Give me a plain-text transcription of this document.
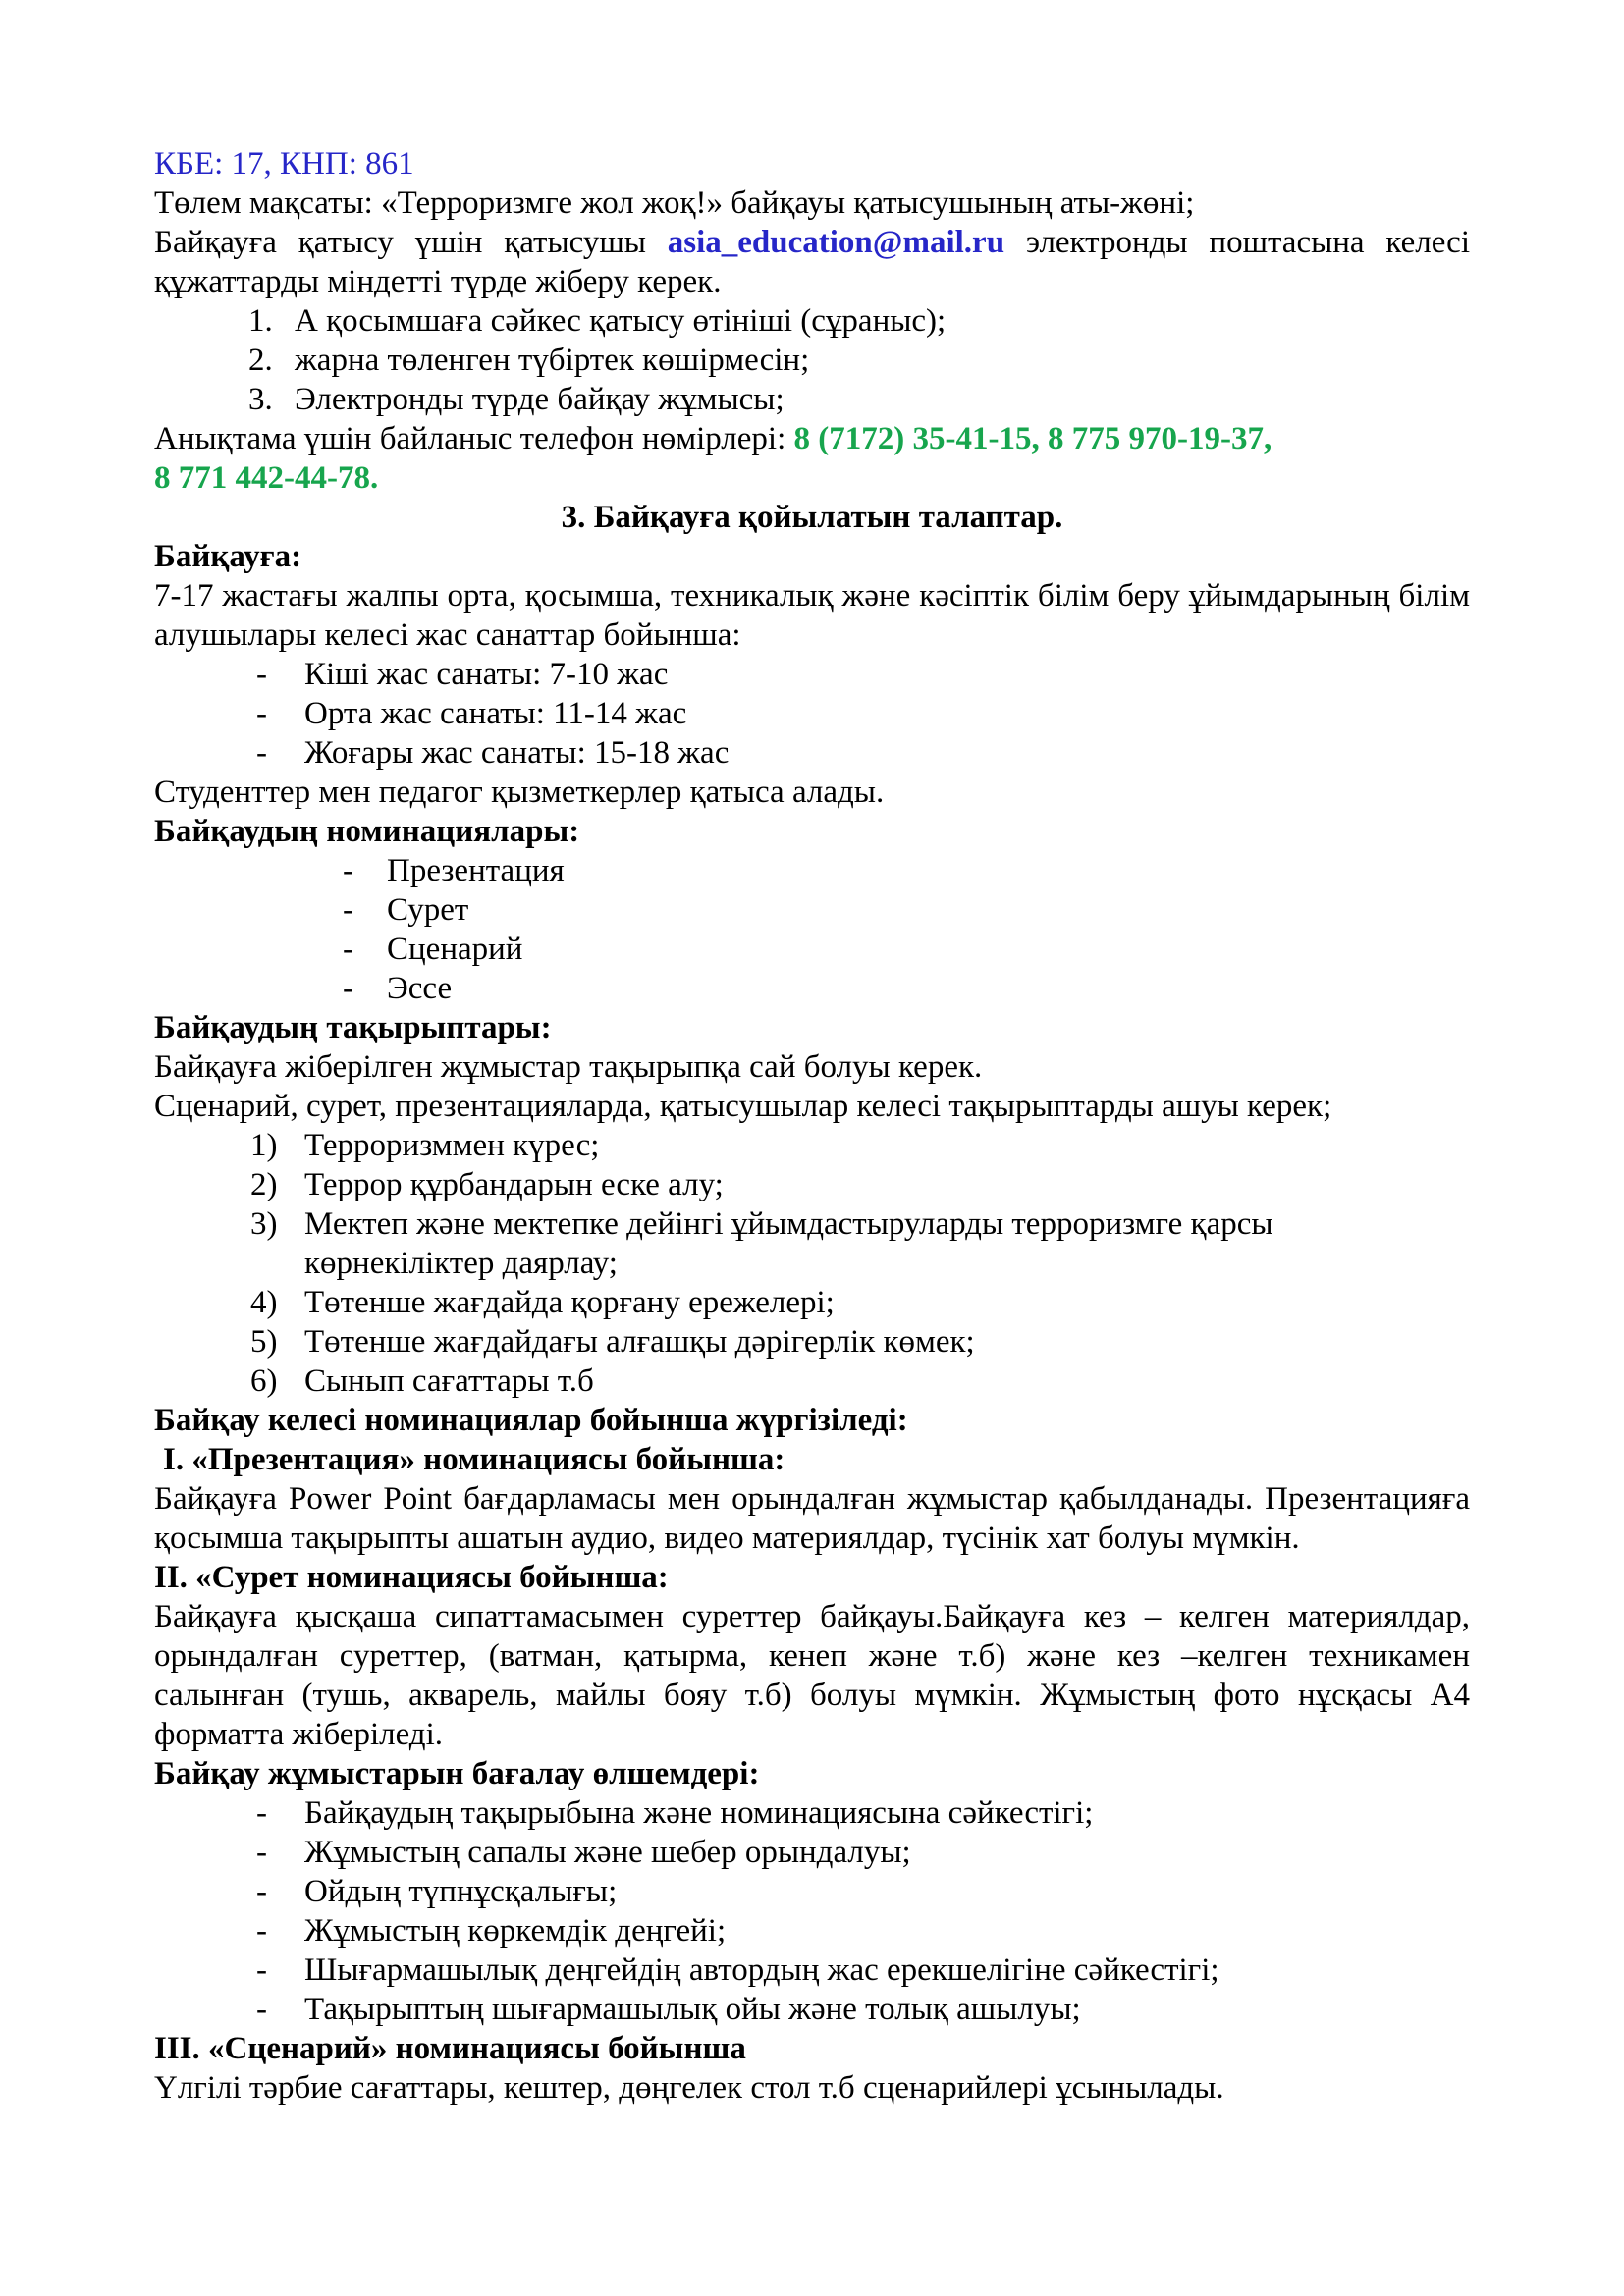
КБЕ: 17, КНП: 861

Төлем мақсаты: «Терроризмге жол жоқ!» байқауы қатысушының аты-жөні;

Байқауға қатысу үшін қатысушы asia_education@mail.ru электронды поштасына келесі құжаттарды міндетті түрде жіберу керек.

А қосымшаға сәйкес қатысу өтініші (сұраныс);
жарна төленген түбіртек көшірмесін;
Электронды түрде байқау жұмысы;

Анықтама үшін байланыс телефон нөмірлері: 8 (7172) 35-41-15, 8 775 970-19-37,
8 771 442-44-78.

3. Байқауға қойылатын талаптар.

Байқауға:

7-17 жастағы жалпы орта, қосымша, техникалық және кәсіптік білім беру ұйымдарының білім алушылары келесі жас санаттар бойынша:

- Кіші жас санаты: 7-10 жас
- Орта жас санаты: 11-14 жас
- Жоғары жас санаты: 15-18 жас

Студенттер мен педагог қызметкерлер қатыса алады.

Байқаудың номинациялары:

- Презентация
- Сурет
- Сценарий
- Эссе

Байқаудың тақырыптары:

Байқауға жіберілген жұмыстар тақырыпқа сай болуы керек.

Сценарий, сурет, презентацияларда, қатысушылар келесі тақырыптарды ашуы керек;

Терроризммен күрес;
Террор құрбандарын еске алу;
Мектеп және мектепке дейінгі ұйымдастыруларды терроризмге қарсы көрнекіліктер даярлау;
Төтенше жағдайда қорғану ережелері;
Төтенше жағдайдағы алғашқы дәрігерлік көмек;
Сынып сағаттары т.б

Байқау келесі номинациялар бойынша жүргізіледі:

I. «Презентация» номинациясы бойынша:

Байқауға Power Point бағдарламасы мен орындалған жұмыстар қабылданады. Презентацияға қосымша тақырыпты ашатын аудио, видео материялдар, түсінік хат болуы мүмкін.

II. «Сурет номинациясы бойынша:

Байқауға қысқаша сипаттамасымен суреттер байқауы.Байқауға кез – келген материялдар, орындалған суреттер, (ватман, қатырма, кенеп және т.б) және кез –келген техникамен салынған (тушь, акварель, майлы бояу т.б) болуы мүмкін. Жұмыстың фото нұсқасы А4 форматта жіберіледі.

Байқау жұмыстарын бағалау өлшемдері:

- Байқаудың тақырыбына және номинациясына сәйкестігі;
- Жұмыстың сапалы және шебер орындалуы;
- Ойдың түпнұсқалығы;
- Жұмыстың көркемдік деңгейі;
- Шығармашылық деңгейдің автордың жас ерекшелігіне сәйкестігі;
- Тақырыптың шығармашылық ойы және толық ашылуы;

III. «Сценарий» номинациясы бойынша

Үлгілі тәрбие сағаттары, кештер, дөңгелек стол т.б сценарийлері ұсынылады.
